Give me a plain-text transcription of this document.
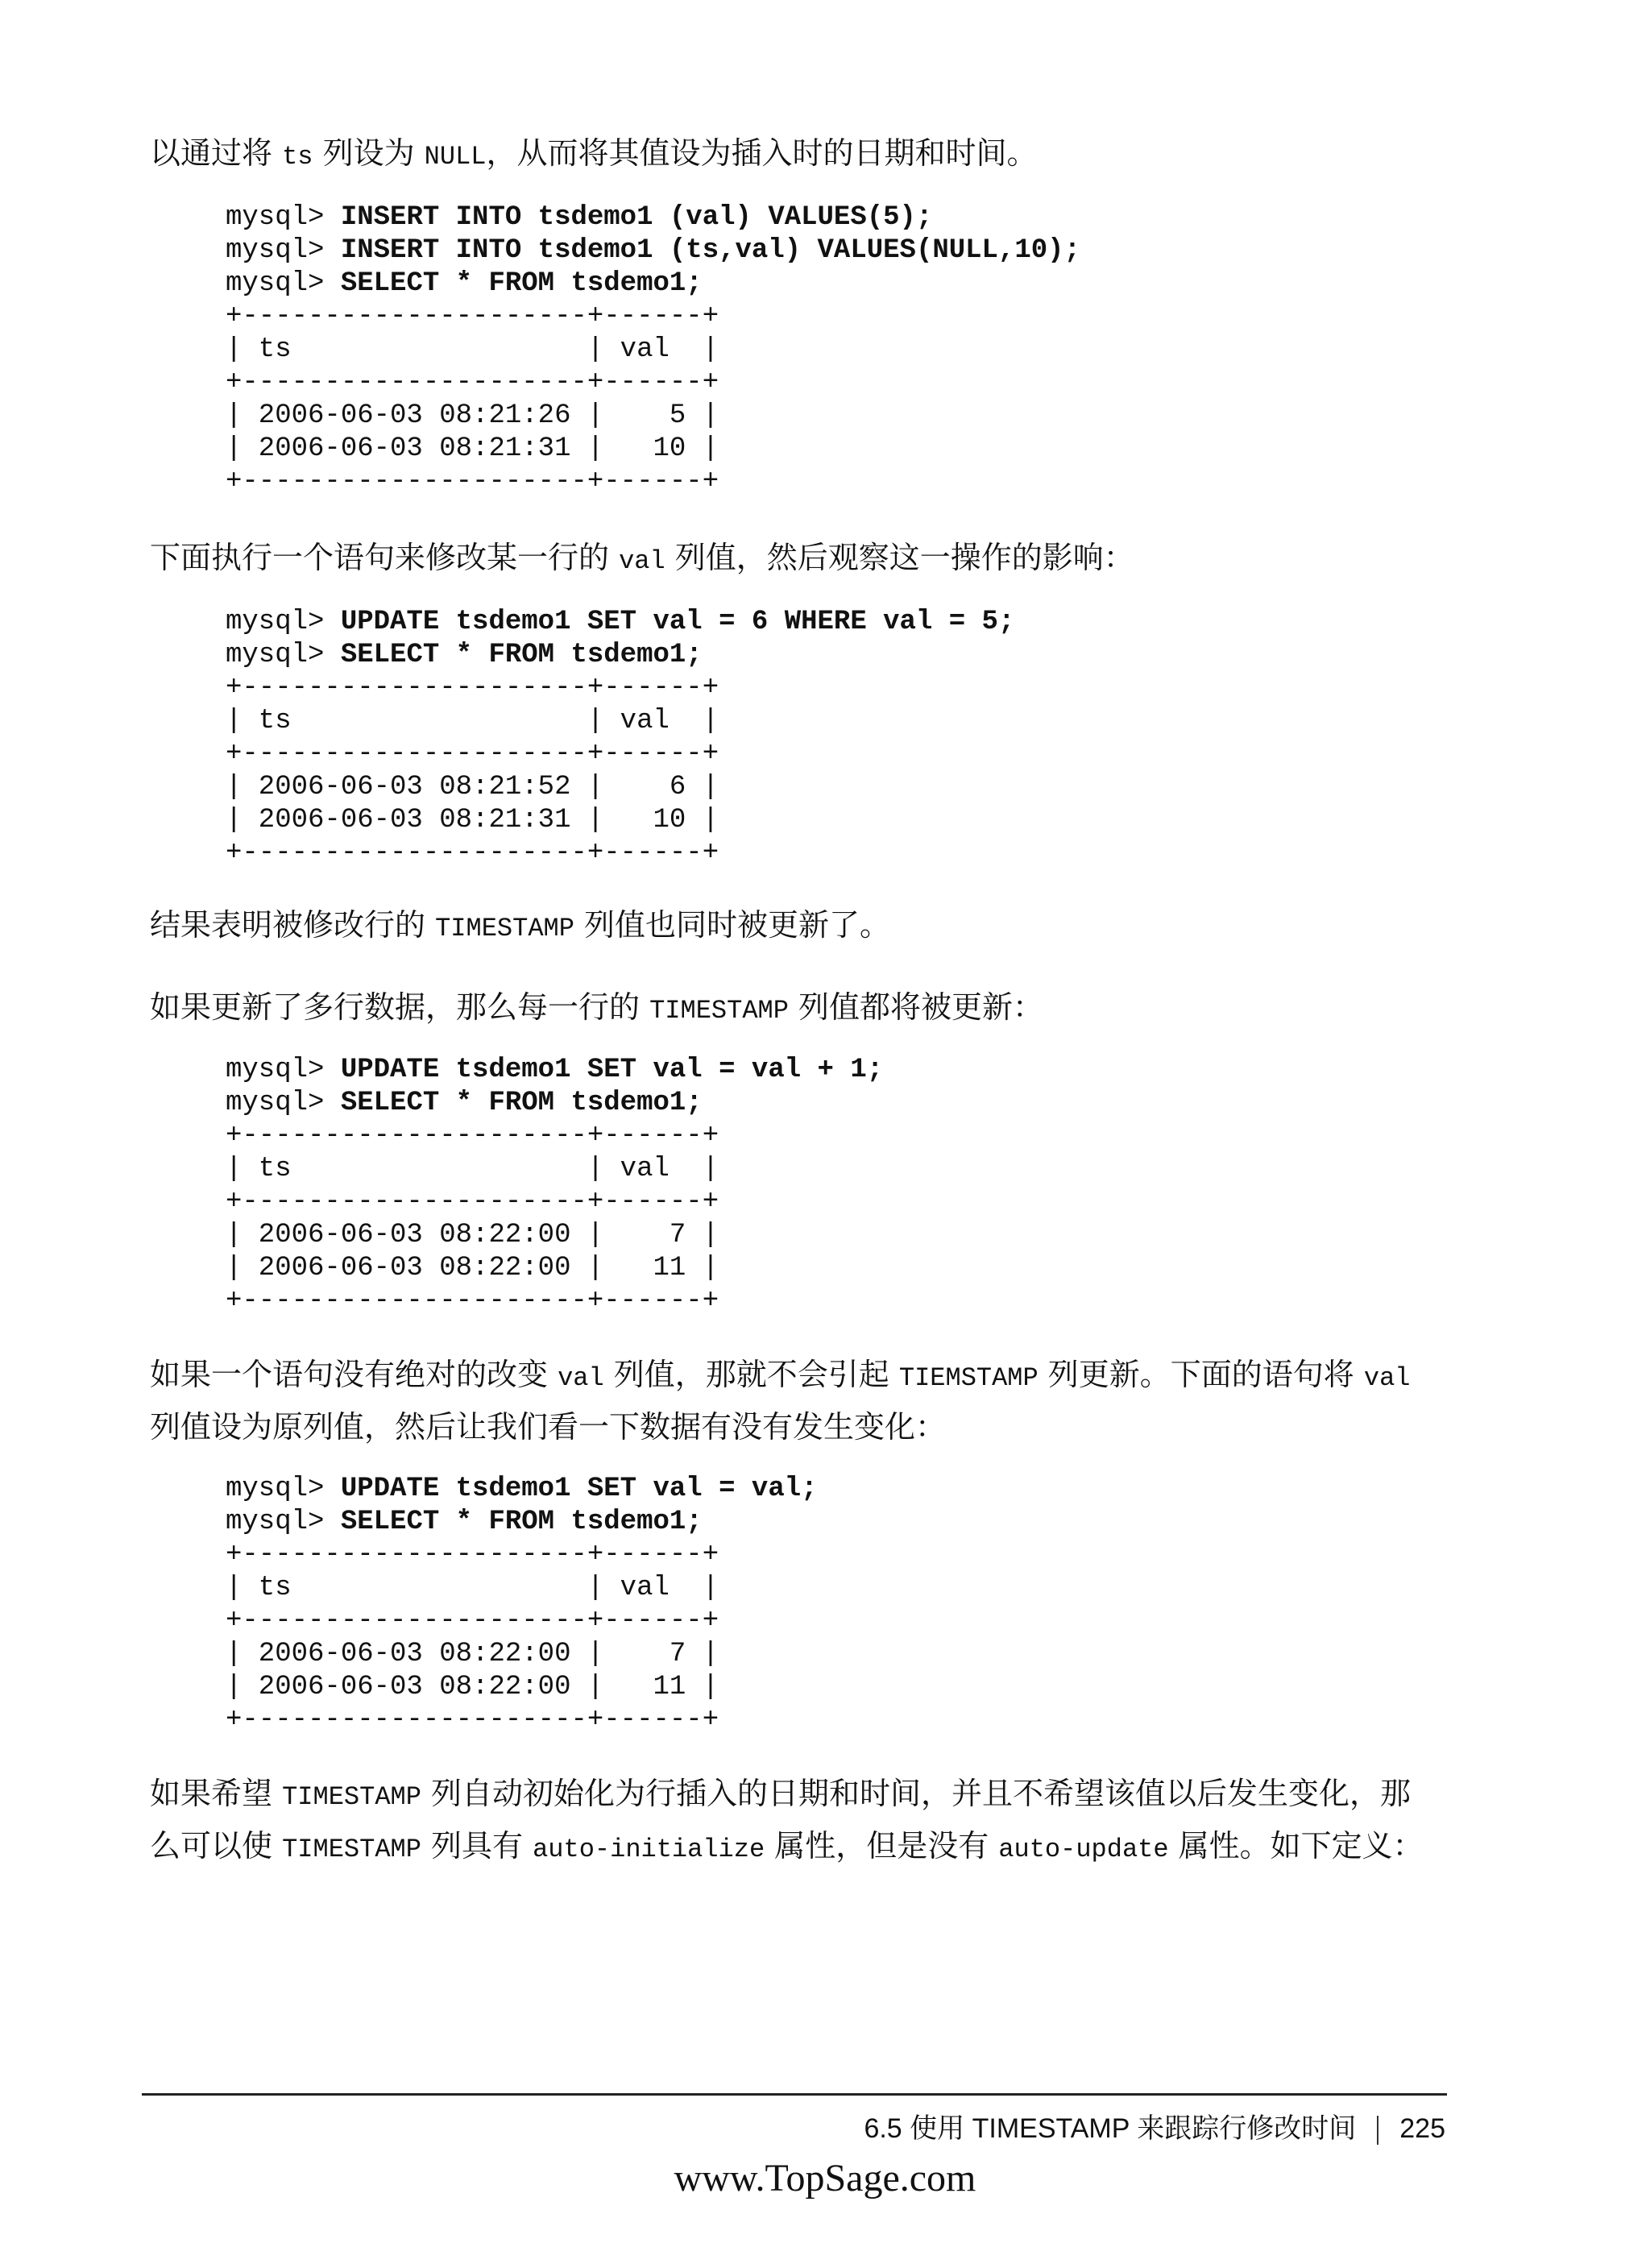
以通过将 ts 列设为 NULL，从而将其值设为插入时的日期和时间。
mysql> INSERT INTO tsdemo1 (val) VALUES(5);
mysql> INSERT INTO tsdemo1 (ts,val) VALUES(NULL,10);
mysql> SELECT * FROM tsdemo1;
+---------------------+------+
| ts                  | val  |
+---------------------+------+
| 2006-06-03 08:21:26 |    5 |
| 2006-06-03 08:21:31 |   10 |
+---------------------+------+
下面执行一个语句来修改某一行的 val 列值，然后观察这一操作的影响：
mysql> UPDATE tsdemo1 SET val = 6 WHERE val = 5;
mysql> SELECT * FROM tsdemo1;
+---------------------+------+
| ts                  | val  |
+---------------------+------+
| 2006-06-03 08:21:52 |    6 |
| 2006-06-03 08:21:31 |   10 |
+---------------------+------+
结果表明被修改行的 TIMESTAMP 列值也同时被更新了。
如果更新了多行数据，那么每一行的 TIMESTAMP 列值都将被更新：
mysql> UPDATE tsdemo1 SET val = val + 1;
mysql> SELECT * FROM tsdemo1;
+---------------------+------+
| ts                  | val  |
+---------------------+------+
| 2006-06-03 08:22:00 |    7 |
| 2006-06-03 08:22:00 |   11 |
+---------------------+------+
如果一个语句没有绝对的改变 val 列值，那就不会引起 TIEMSTAMP 列更新。下面的语句将 val 列值设为原列值，然后让我们看一下数据有没有发生变化：
mysql> UPDATE tsdemo1 SET val = val;
mysql> SELECT * FROM tsdemo1;
+---------------------+------+
| ts                  | val  |
+---------------------+------+
| 2006-06-03 08:22:00 |    7 |
| 2006-06-03 08:22:00 |   11 |
+---------------------+------+
如果希望 TIMESTAMP 列自动初始化为行插入的日期和时间，并且不希望该值以后发生变化，那么可以使 TIMESTAMP 列具有 auto-initialize 属性，但是没有 auto-update 属性。如下定义：
6.5 使用 TIMESTAMP 来跟踪行修改时间 225
www.TopSage.com
